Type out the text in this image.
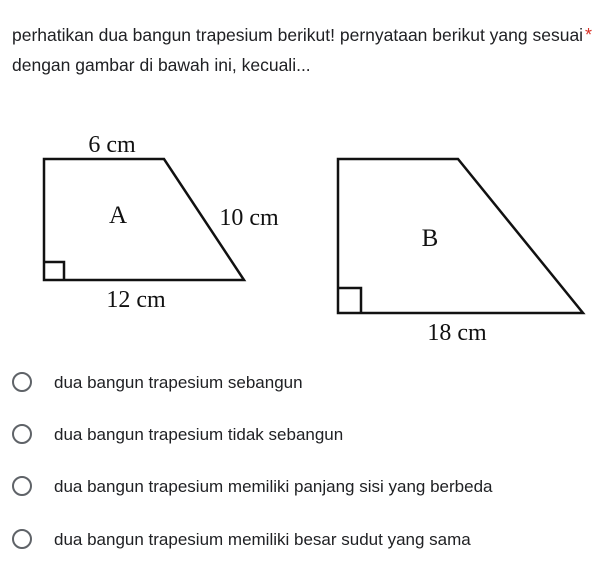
perhatikan dua bangun trapesium berikut! pernyataan berikut yang sesuai dengan gambar di bawah ini, kecuali...

*
6 cm
A	10 cm
12 cm
B
18 cm
dua bangun trapesium sebangun
dua bangun trapesium tidak sebangun
dua bangun trapesium memiliki panjang sisi yang berbeda
dua bangun trapesium memiliki besar sudut yang sama
